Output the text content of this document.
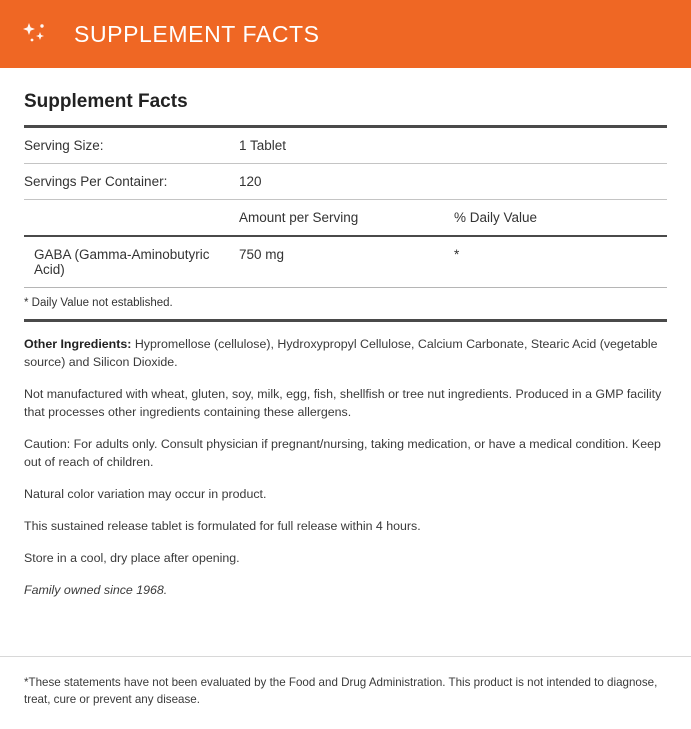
SUPPLEMENT FACTS
Supplement Facts
Serving Size:	1 Tablet	
Servings Per Container:	120	
	Amount per Serving	% Daily Value
GABA (Gamma-Aminobutyric Acid)	750 mg	*
* Daily Value not established.

Other Ingredients: Hypromellose (cellulose), Hydroxypropyl Cellulose, Calcium Carbonate, Stearic Acid (vegetable source) and Silicon Dioxide.

Not manufactured with wheat, gluten, soy, milk, egg, fish, shellfish or tree nut ingredients. Produced in a GMP facility that processes other ingredients containing these allergens.

Caution: For adults only. Consult physician if pregnant/nursing, taking medication, or have a medical condition. Keep out of reach of children.

Natural color variation may occur in product.

This sustained release tablet is formulated for full release within 4 hours.

Store in a cool, dry place after opening.

Family owned since 1968.

*These statements have not been evaluated by the Food and Drug Administration. This product is not intended to diagnose, treat, cure or prevent any disease.
